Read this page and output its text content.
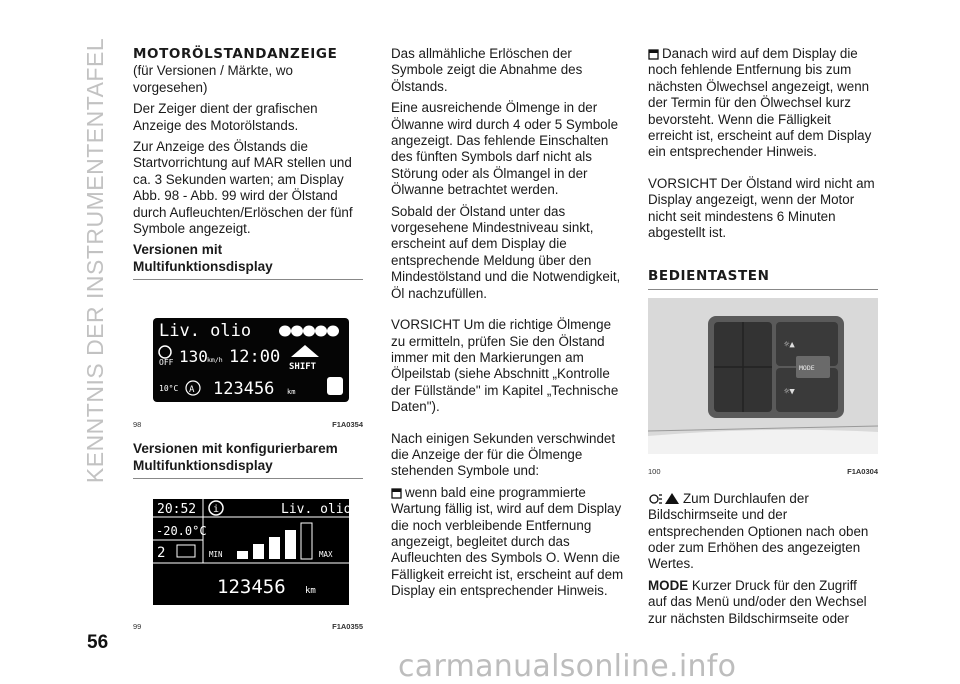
KENNTNIS DER INSTRUMENTENTAFEL MOTORÖLSTANDANZEIGE

(für Versionen / Märkte, wo vorgesehen)

Der Zeiger dient der grafischen Anzeige des Motorölstands.

Zur Anzeige des Ölstands die Startvorrichtung auf MAR stellen und ca. 3 Sekunden warten; am Display Abb. 98 - Abb. 99 wird der Ölstand durch Aufleuchten/Erlöschen der fünf Symbole angezeigt.

Versionen mit Multifunktionsdisplay
Liv. olio
OFF 130 km/h 12:00 SHIFT
10°C A 123456 km
98	F1A0354
Versionen mit konfigurierbarem Multifunktionsdisplay
20:52 i	Liv. olio
-20.0°C
2	MIN	MAX
123456 km
99	F1A0355

Das allmähliche Erlöschen der Symbole zeigt die Abnahme des Ölstands.

Eine ausreichende Ölmenge in der Ölwanne wird durch 4 oder 5 Symbole angezeigt. Das fehlende Einschalten des fünften Symbols darf nicht als Störung oder als Ölmangel in der Ölwanne betrachtet werden.

Sobald der Ölstand unter das vorgesehene Mindestniveau sinkt, erscheint auf dem Display die entsprechende Meldung über den Mindestölstand und die Notwendigkeit, Öl nachzufüllen.

VORSICHT Um die richtige Ölmenge zu ermitteln, prüfen Sie den Ölstand immer mit den Markierungen am Ölpeilstab (siehe Abschnitt „Kontrolle der Füllstände" im Kapitel „Technische Daten").

Nach einigen Sekunden verschwindet die Anzeige der für die Ölmenge stehenden Symbole und:

wenn bald eine programmierte Wartung fällig ist, wird auf dem Display die noch verbleibende Entfernung angezeigt, begleitet durch das Aufleuchten des Symbols O. Wenn die Fälligkeit erreicht ist, erscheint auf dem Display ein entsprechender Hinweis.

Danach wird auf dem Display die noch fehlende Entfernung bis zum nächsten Ölwechsel angezeigt, wenn der Termin für den Ölwechsel kurz bevorsteht. Wenn die Fälligkeit erreicht ist, erscheint auf dem Display ein entsprechender Hinweis.

VORSICHT Der Ölstand wird nicht am Display angezeigt, wenn der Motor nicht seit mindestens 6 Minuten abgestellt ist.

BEDIENTASTEN
☼▲
☼▼
MODE
100	F1A0304

Zum Durchlaufen der Bildschirmseite und der entsprechenden Optionen nach oben oder zum Erhöhen des angezeigten Wertes.

MODE Kurzer Druck für den Zugriff auf das Menü und/oder den Wechsel zur nächsten Bildschirmseite oder

56
carmanualsonline.info
